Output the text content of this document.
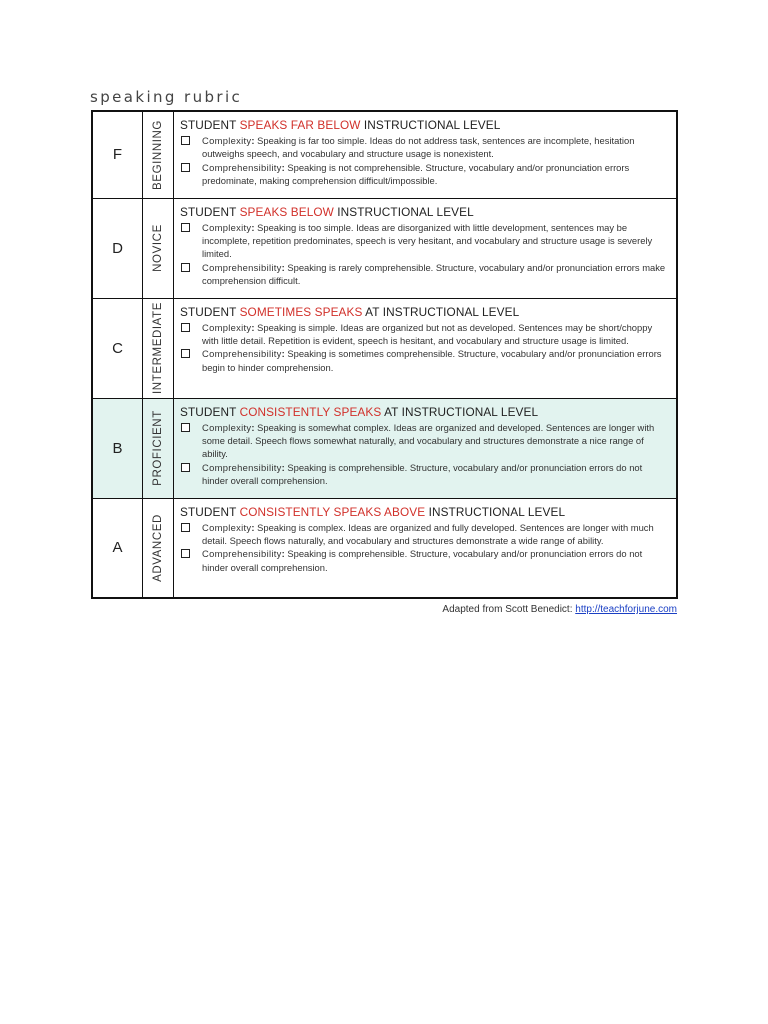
speaking rubric
F	BEGINNING	STUDENT SPEAKS FAR BELOW INSTRUCTIONAL LEVEL
Complexity: Speaking is far too simple. Ideas do not address task, sentences are incomplete, hesitation outweighs speech, and vocabulary and structure usage is nonexistent.
Comprehensibility: Speaking is not comprehensible. Structure, vocabulary and/or pronunciation errors predominate, making comprehension difficult/impossible.

D	NOVICE	STUDENT SPEAKS BELOW INSTRUCTIONAL LEVEL
Complexity: Speaking is too simple. Ideas are disorganized with little development, sentences may be incomplete, repetition predominates, speech is very hesitant, and vocabulary and structure usage is severely limited.
Comprehensibility: Speaking is rarely comprehensible. Structure, vocabulary and/or pronunciation errors make comprehension difficult.

C	INTERMEDIATE	STUDENT SOMETIMES SPEAKS AT INSTRUCTIONAL LEVEL
Complexity: Speaking is simple. Ideas are organized but not as developed. Sentences may be short/choppy with little detail. Repetition is evident, speech is hesitant, and vocabulary and structure usage is limited.
Comprehensibility: Speaking is sometimes comprehensible. Structure, vocabulary and/or pronunciation errors begin to hinder comprehension.

B	PROFICIENT	STUDENT CONSISTENTLY SPEAKS AT INSTRUCTIONAL LEVEL
Complexity: Speaking is somewhat complex. Ideas are organized and developed. Sentences are longer with some detail. Speech flows somewhat naturally, and vocabulary and structures demonstrate a nice range of ability.
Comprehensibility: Speaking is comprehensible. Structure, vocabulary and/or pronunciation errors do not hinder overall comprehension.

A	ADVANCED	STUDENT CONSISTENTLY SPEAKS ABOVE INSTRUCTIONAL LEVEL
Complexity: Speaking is complex. Ideas are organized and fully developed. Sentences are longer with much detail. Speech flows naturally, and vocabulary and structures demonstrate a wide range of ability.
Comprehensibility: Speaking is comprehensible. Structure, vocabulary and/or pronunciation errors do not hinder overall comprehension.
Adapted from Scott Benedict: http://teachforjune.com
